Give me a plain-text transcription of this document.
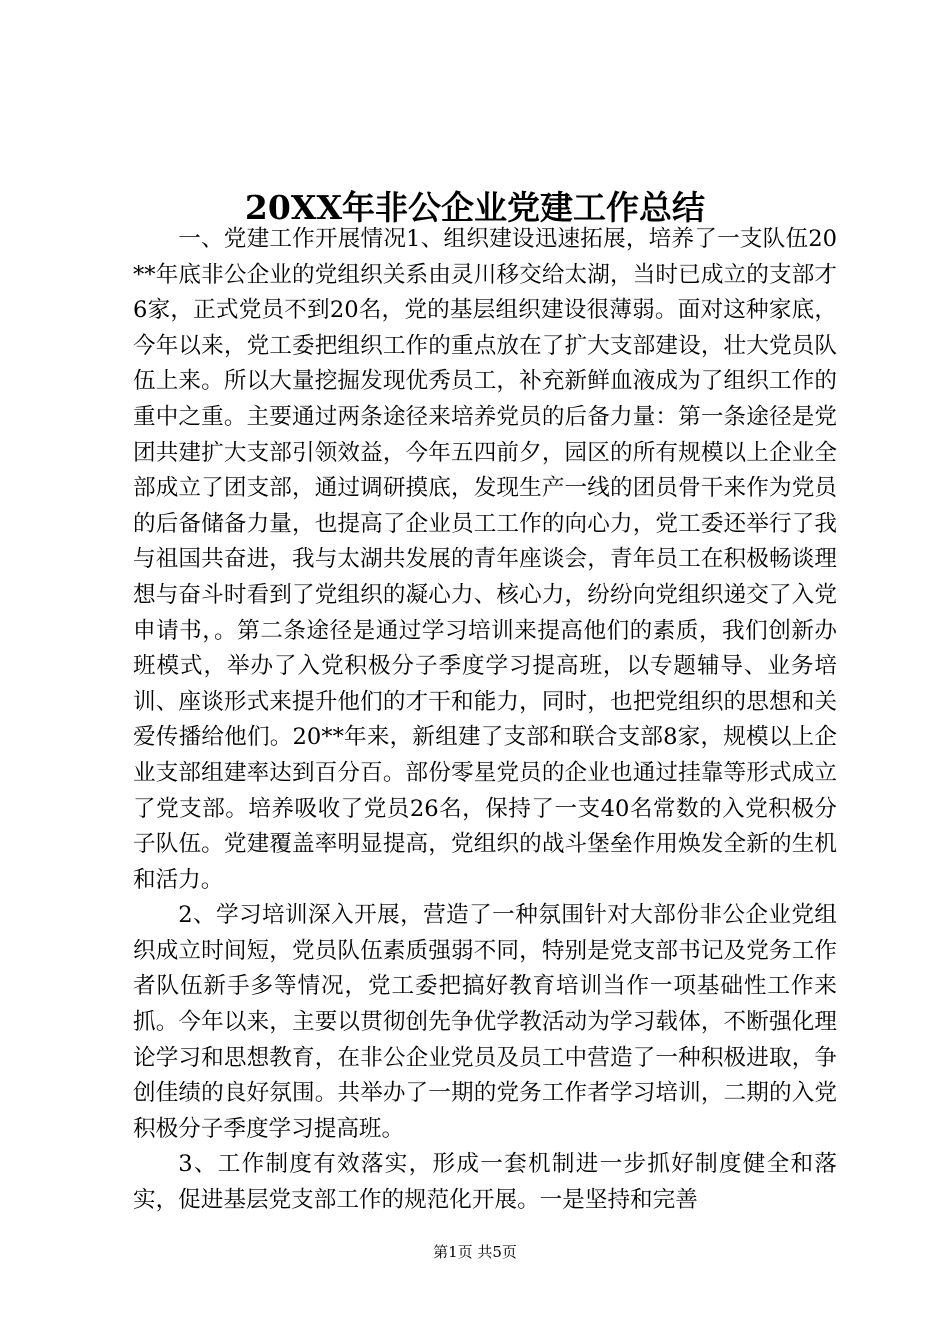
20XX年非公企业党建工作总结

一、党建工作开展情况1、组织建设迅速拓展，培养了一支队伍20**年底非公企业的党组织关系由灵川移交给太湖，当时已成立的支部才6家，正式党员不到20名，党的基层组织建设很薄弱。面对这种家底，今年以来，党工委把组织工作的重点放在了扩大支部建设，壮大党员队伍上来。所以大量挖掘发现优秀员工，补充新鲜血液成为了组织工作的重中之重。主要通过两条途径来培养党员的后备力量：第一条途径是党团共建扩大支部引领效益，今年五四前夕，园区的所有规模以上企业全部成立了团支部，通过调研摸底，发现生产一线的团员骨干来作为党员的后备储备力量，也提高了企业员工工作的向心力，党工委还举行了我与祖国共奋进，我与太湖共发展的青年座谈会，青年员工在积极畅谈理想与奋斗时看到了党组织的凝心力、核心力，纷纷向党组织递交了入党申请书，。第二条途径是通过学习培训来提高他们的素质，我们创新办班模式，举办了入党积极分子季度学习提高班，以专题辅导、业务培训、座谈形式来提升他们的才干和能力，同时，也把党组织的思想和关爱传播给他们。20**年来，新组建了支部和联合支部8家，规模以上企业支部组建率达到百分百。部份零星党员的企业也通过挂靠等形式成立了党支部。培养吸收了党员26名，保持了一支40名常数的入党积极分子队伍。党建覆盖率明显提高，党组织的战斗堡垒作用焕发全新的生机和活力。

2、学习培训深入开展，营造了一种氛围针对大部份非公企业党组织成立时间短，党员队伍素质强弱不同，特别是党支部书记及党务工作者队伍新手多等情况，党工委把搞好教育培训当作一项基础性工作来抓。今年以来，主要以贯彻创先争优学教活动为学习载体，不断强化理论学习和思想教育，在非公企业党员及员工中营造了一种积极进取，争创佳绩的良好氛围。共举办了一期的党务工作者学习培训，二期的入党积极分子季度学习提高班。

3、工作制度有效落实，形成一套机制进一步抓好制度健全和落实，促进基层党支部工作的规范化开展。一是坚持和完善

第1页 共5页
